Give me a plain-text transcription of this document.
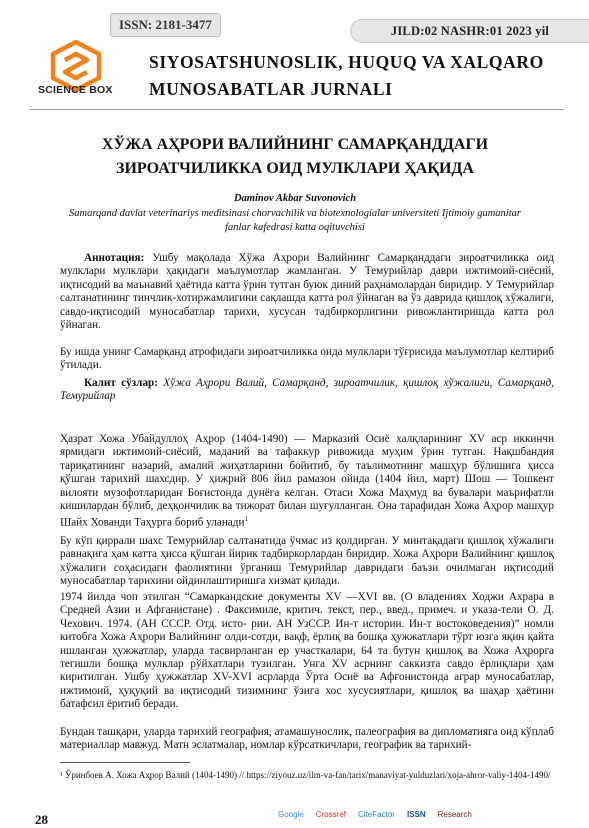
ISSN: 2181-3477	JILD:02 NASHR:01 2023 yil
SCIENCE BOX
SIYOSATSHUNOSLIK, HUQUQ VA XALQARO
MUNOSABATLAR JURNALI
ХЎЖА АҲРОРИ ВАЛИЙНИНГ САМАРҚАНДДАГИ
ЗИРОАТЧИЛИККА ОИД МУЛКЛАРИ ҲАҚИДА
Daminov Akbar Suvonovich
Samarqand davlat veterinariys meditsinasi chorvachilik va biotexnologialar universiteti Ijtimoiy gumanitar fanlar kafedrasi katta oqituvchisi
Аннотация: Ушбу мақолада Хўжа Аҳрори Валийнинг Самарқанддаги зироатчиликка оид мулклари мулклари ҳақидаги маълумотлар жамланган. У Темурийлар даври ижтимоий-сиёсий, иқтисодий ва маънавий ҳаётида катта ўрин тутган буюк диний раҳнамолардан биридир. У Темурийлар салтанатининг тинчлик-хотиржамлигини сақлашда катта рол ўйнаган ва ўз даврида қишлоқ хўжалиги, савдо-иқтисодий муносабатлар тарихи, хусусан тадбиркорлигини ривожлантиришда катта рол ўйнаган.
Бу ишда унинг Самарқанд атрофидаги зироатчиликка оида мулклари тўғрисида маълумотлар келтириб ўтилади.
Калит сўзлар: Хўжа Аҳрори Валий, Самарқанд, зироатчилик, қишлоқ хўжалиги, Самарқанд, Темурийлар
Ҳазрат Хожа Убайдуллоҳ Аҳрор (1404-1490) — Марказий Осиё халқларининг XV аср иккинчи ярмидаги ижтимоий-сиёсий, маданий ва тафаккур ривожида муҳим ўрин тутган. Нақшбандия тариқатининг назарий, амалий жиҳатларини бойитиб, бу таълимотнинг машҳур бўлишига ҳисса қўшган тарихий шахсдир. У ҳижрий 806 йил рамазон ойида (1404 йил, март) Шош — Тошкент вилояти музофотларидан Боғистонда дунёга келган. Отаси Хожа Маҳмуд ва бувалари маърифатли кишилардан бўлиб, деҳқончилик ва тижорат билан шуғулланган. Она тарафидан Хожа Аҳрор машҳур Шайх Хованди Таҳурга бориб уланади$^1$
Бу кўп қиррали шахс Темурийлар салтанатида ўчмас из қолдирган. У минтақадаги қишлоқ хўжалиги равнақига ҳам катта ҳисса қўшган йирик тадбиркорлардан биридир. Хожа Аҳрори Валийнинг қишлоқ хўжалиги соҳасидаги фаолиятини ўрганиш Темурийлар давридаги баъзи очилмаган иқтисодий муносабатлар тарихини ойдинлаштиришга хизмат қилади.
1974 йилда чоп этилган “Самаркандские документы XV —XVI вв. (О владениях Ходжи Ахрара в Средней Азии и Афганистане) . Факсимиле, критич. текст, пер., введ., примеч. и указа-тели О. Д. Чехович. 1974. (АН СССР. Отд. исто- рии. АН УзССР. Ин-т истории. Ин-т востоковедения)” номли китобга Хожа Аҳрори Валийнинг олди-сотди, вақф, ёрлиқ ва бошқа ҳужжатлари тўрт юзга яқин қайта ишланган ҳужжатлар, уларда тасвирланган ер участкалари, 64 та бутун қишлоқ ва Хожа Аҳрорга тегишли бошқа мулклар рўйхатлари тузилган. Унга XV асрнинг саккизта савдо ёрлиқлари ҳам киритилган. Ушбу ҳужжатлар XV-XVI асрларда Ўрта Осиё ва Афғонистонда аграр муносабатлар, ижтимоий, ҳуқуқий ва иқтисодий тизимнинг ўзига хос хусусиятлари, қишлоқ ва шаҳар ҳаётини батафсил ёритиб беради.
Бундан ташқари, уларда тарихий география, атамашунослик, палеография ва дипломатияга оид кўплаб материаллар мавжуд. Матн эслатмалар, номлар кўрсаткичлари, географик ва тарихий-
¹ Ўринбоев А. Хожа Аҳрор Валий (1404-1490) // https://ziyouz.uz/ilm-va-fan/tarix/manaviyat-yulduzlari/xoja-ahror-valiy-1404-1490/
28	Google	Crossref	CiteFactor	ISSN	Research
